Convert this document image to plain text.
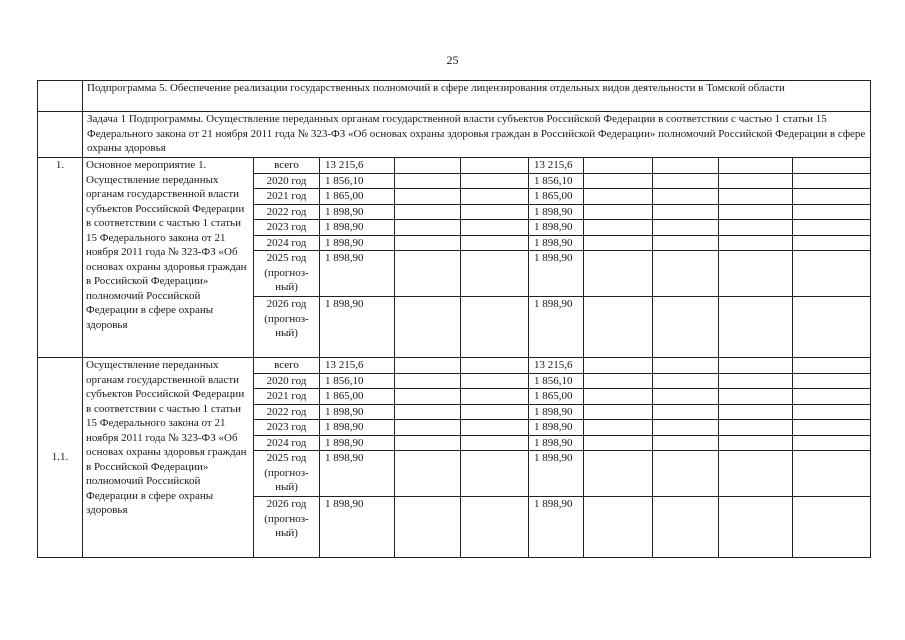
25
	Подпрограмма 5. Обеспечение реализации государственных полномочий в сфере лицензирования отдельных видов деятельности в Томской области									
	Задача 1 Подпрограммы. Осуществление переданных органам государственной власти субъектов Российской Федерации в соответствии с частью 1 статьи 15 Федерального закона от 21 ноября 2011 года № 323-ФЗ «Об основах охраны здоровья граждан в Российской Федерации» полномочий Российской Федерации в сфере охраны здоровья									
1.	Основное мероприятие 1. Осуществление переданных органам государственной власти субъектов Российской Федерации в соответствии с частью 1 статьи 15 Федерального закона от 21 ноября 2011 года № 323-ФЗ «Об основах охраны здоровья граждан в Российской Федерации» полномочий Российской Федерации в сфере охраны здоровья	всего	13 215,6			13 215,6				
		2020 год	1 856,10			1 856,10				
		2021 год	1 865,00			1 865,00				
		2022 год	1 898,90			1 898,90				
		2023 год	1 898,90			1 898,90				
		2024 год	1 898,90			1 898,90				
		2025 год (прогноз-ный)	1 898,90			1 898,90				
		2026 год (прогноз-ный)	1 898,90			1 898,90				
1.1.	Осуществление переданных органам государственной власти субъектов Российской Федерации в соответствии с частью 1 статьи 15 Федерального закона от 21 ноября 2011 года № 323-ФЗ «Об основах охраны здоровья граждан в Российской Федерации» полномочий Российской Федерации в сфере охраны здоровья	всего	13 215,6			13 215,6				
		2020 год	1 856,10			1 856,10				
		2021 год	1 865,00			1 865,00				
		2022 год	1 898,90			1 898,90				
		2023 год	1 898,90			1 898,90				
		2024 год	1 898,90			1 898,90				
		2025 год (прогноз-ный)	1 898,90			1 898,90				
		2026 год (прогноз-ный)	1 898,90			1 898,90				
